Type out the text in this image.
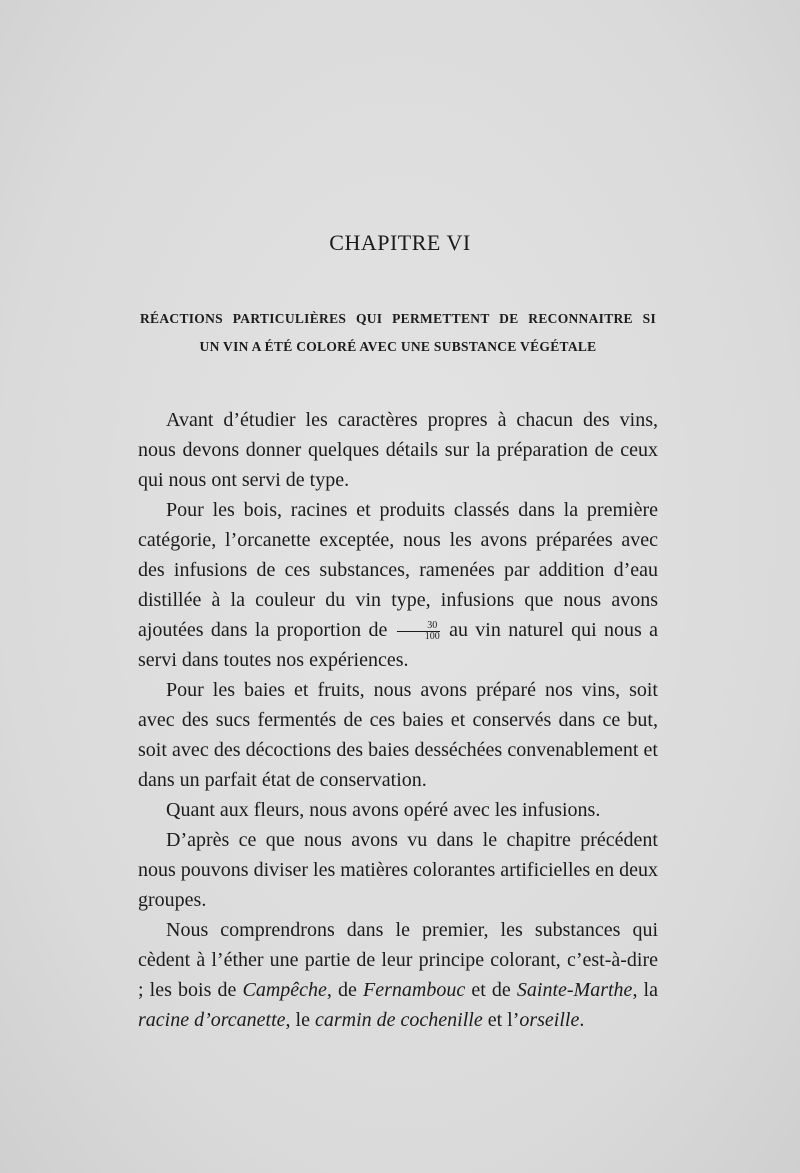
CHAPITRE VI
RÉACTIONS PARTICULIÈRES QUI PERMETTENT DE RECONNAITRE SI
UN VIN A ÉTÉ COLORÉ AVEC UNE SUBSTANCE VÉGÉTALE

Avant d’étudier les caractères propres à chacun des vins, nous devons donner quelques détails sur la préparation de ceux qui nous ont servi de type.

Pour les bois, racines et produits classés dans la première catégorie, l’orcanette exceptée, nous les avons préparées avec des infusions de ces substances, ramenées par addition d’eau distillée à la couleur du vin type, infusions que nous avons ajoutées dans la proportion de $\frac{30}{100}$ au vin naturel qui nous a servi dans toutes nos expériences.

Pour les baies et fruits, nous avons préparé nos vins, soit avec des sucs fermentés de ces baies et conservés dans ce but, soit avec des décoctions des baies desséchées convenablement et dans un parfait état de conservation.

Quant aux fleurs, nous avons opéré avec les infusions.

D’après ce que nous avons vu dans le chapitre précédent nous pouvons diviser les matières colorantes artificielles en deux groupes.

Nous comprendrons dans le premier, les substances qui cèdent à l’éther une partie de leur principe colorant, c’est-à-dire ; les bois de Campêche, de Fernambouc et de Sainte-Marthe, la racine d’orcanette, le carmin de cochenille et l’orseille.
